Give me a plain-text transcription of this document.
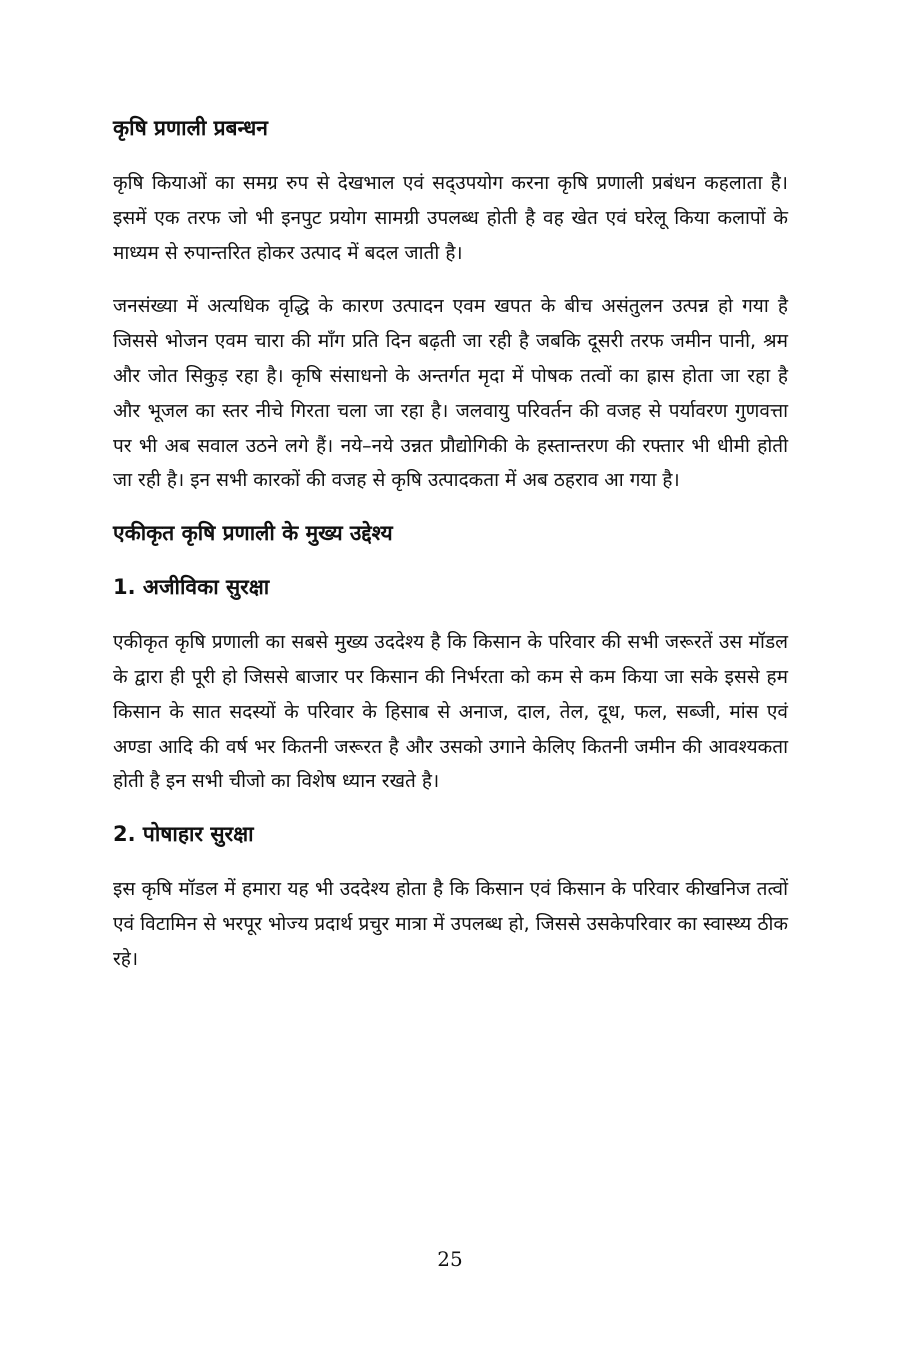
कृषि प्रणाली प्रबन्धन

कृषि कियाओं का समग्र रुप से देखभाल एवं सद्उपयोग करना कृषि प्रणाली प्रबंधन कहलाता है। इसमें एक तरफ जो भी इनपुट प्रयोग सामग्री उपलब्ध होती है वह खेत एवं घरेलू किया कलापों के माध्यम से रुपान्तरित होकर उत्पाद में बदल जाती है।

जनसंख्या में अत्यधिक वृद्धि के कारण उत्पादन एवम खपत के बीच असंतुलन उत्पन्न हो गया है जिससे भोजन एवम चारा की माँग प्रति दिन बढ़ती जा रही है जबकि दूसरी तरफ जमीन पानी, श्रम और जोत सिकुड़ रहा है। कृषि संसाधनो के अन्तर्गत मृदा में पोषक तत्वों का ह्रास होता जा रहा है और भूजल का स्तर नीचे गिरता चला जा रहा है। जलवायु परिवर्तन की वजह से पर्यावरण गुणवत्ता पर भी अब सवाल उठने लगे हैं। नये–नये उन्नत प्रौद्योगिकी के हस्तान्तरण की रफ्तार भी धीमी होती जा रही है। इन सभी कारकों की वजह से कृषि उत्पादकता में अब ठहराव आ गया है।

एकीकृत कृषि प्रणाली के मुख्य उद्देश्य
1. अजीविका सुरक्षा

एकीकृत कृषि प्रणाली का सबसे मुख्य उददेश्य है कि किसान के परिवार की सभी जरूरतें उस मॉडल के द्वारा ही पूरी हो जिससे बाजार पर किसान की निर्भरता को कम से कम किया जा सके इससे हम किसान के सात सदस्यों के परिवार के हिसाब से अनाज, दाल, तेल, दूध, फल, सब्जी, मांस एवं अण्डा आदि की वर्ष भर कितनी जरूरत है और उसको उगाने केलिए कितनी जमीन की आवश्यकता होती है इन सभी चीजो का विशेष ध्यान रखते है।

2. पोषाहार सुरक्षा

इस कृषि मॉडल में हमारा यह भी उददेश्य होता है कि किसान एवं किसान के परिवार कीखनिज तत्वों एवं विटामिन से भरपूर भोज्य प्रदार्थ प्रचुर मात्रा में उपलब्ध हो, जिससे उसकेपरिवार का स्वास्थ्य ठीक रहे।

25
